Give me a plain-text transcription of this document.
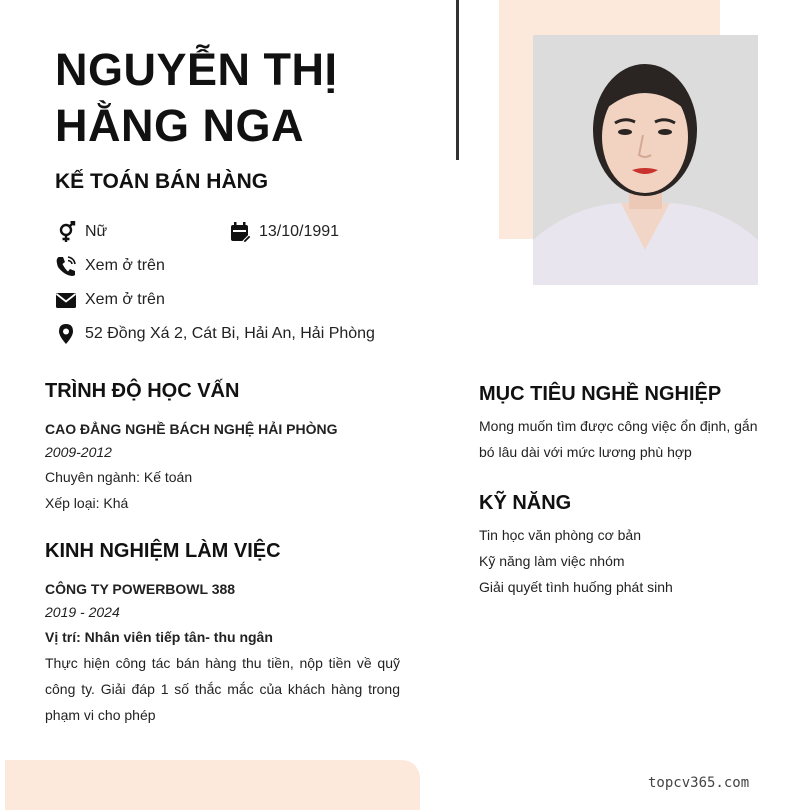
NGUYỄN THỊ
HẰNG NGA
KẾ TOÁN BÁN HÀNG
Nữ	13/10/1991
Xem ở trên
Xem ở trên
52 Đồng Xá 2, Cát Bi, Hải An, Hải Phòng
TRÌNH ĐỘ HỌC VẤN

CAO ĐẲNG NGHỀ BÁCH NGHỆ HẢI PHÒNG

2009-2012

Chuyên ngành: Kế toán

Xếp loại: Khá

KINH NGHIỆM LÀM VIỆC

CÔNG TY POWERBOWL 388

2019 - 2024

Vị trí: Nhân viên tiếp tân- thu ngân

Thực hiện công tác bán hàng thu tiền, nộp tiền về quỹ công ty. Giải đáp 1 số thắc mắc của khách hàng trong phạm vi cho phép

MỤC TIÊU NGHỀ NGHIỆP

Mong muốn tìm được công việc ổn định, gắn bó lâu dài với mức lương phù hợp

KỸ NĂNG
Tin học văn phòng cơ bản
Kỹ năng làm việc nhóm
Giải quyết tình huống phát sinh

topcv365.com
